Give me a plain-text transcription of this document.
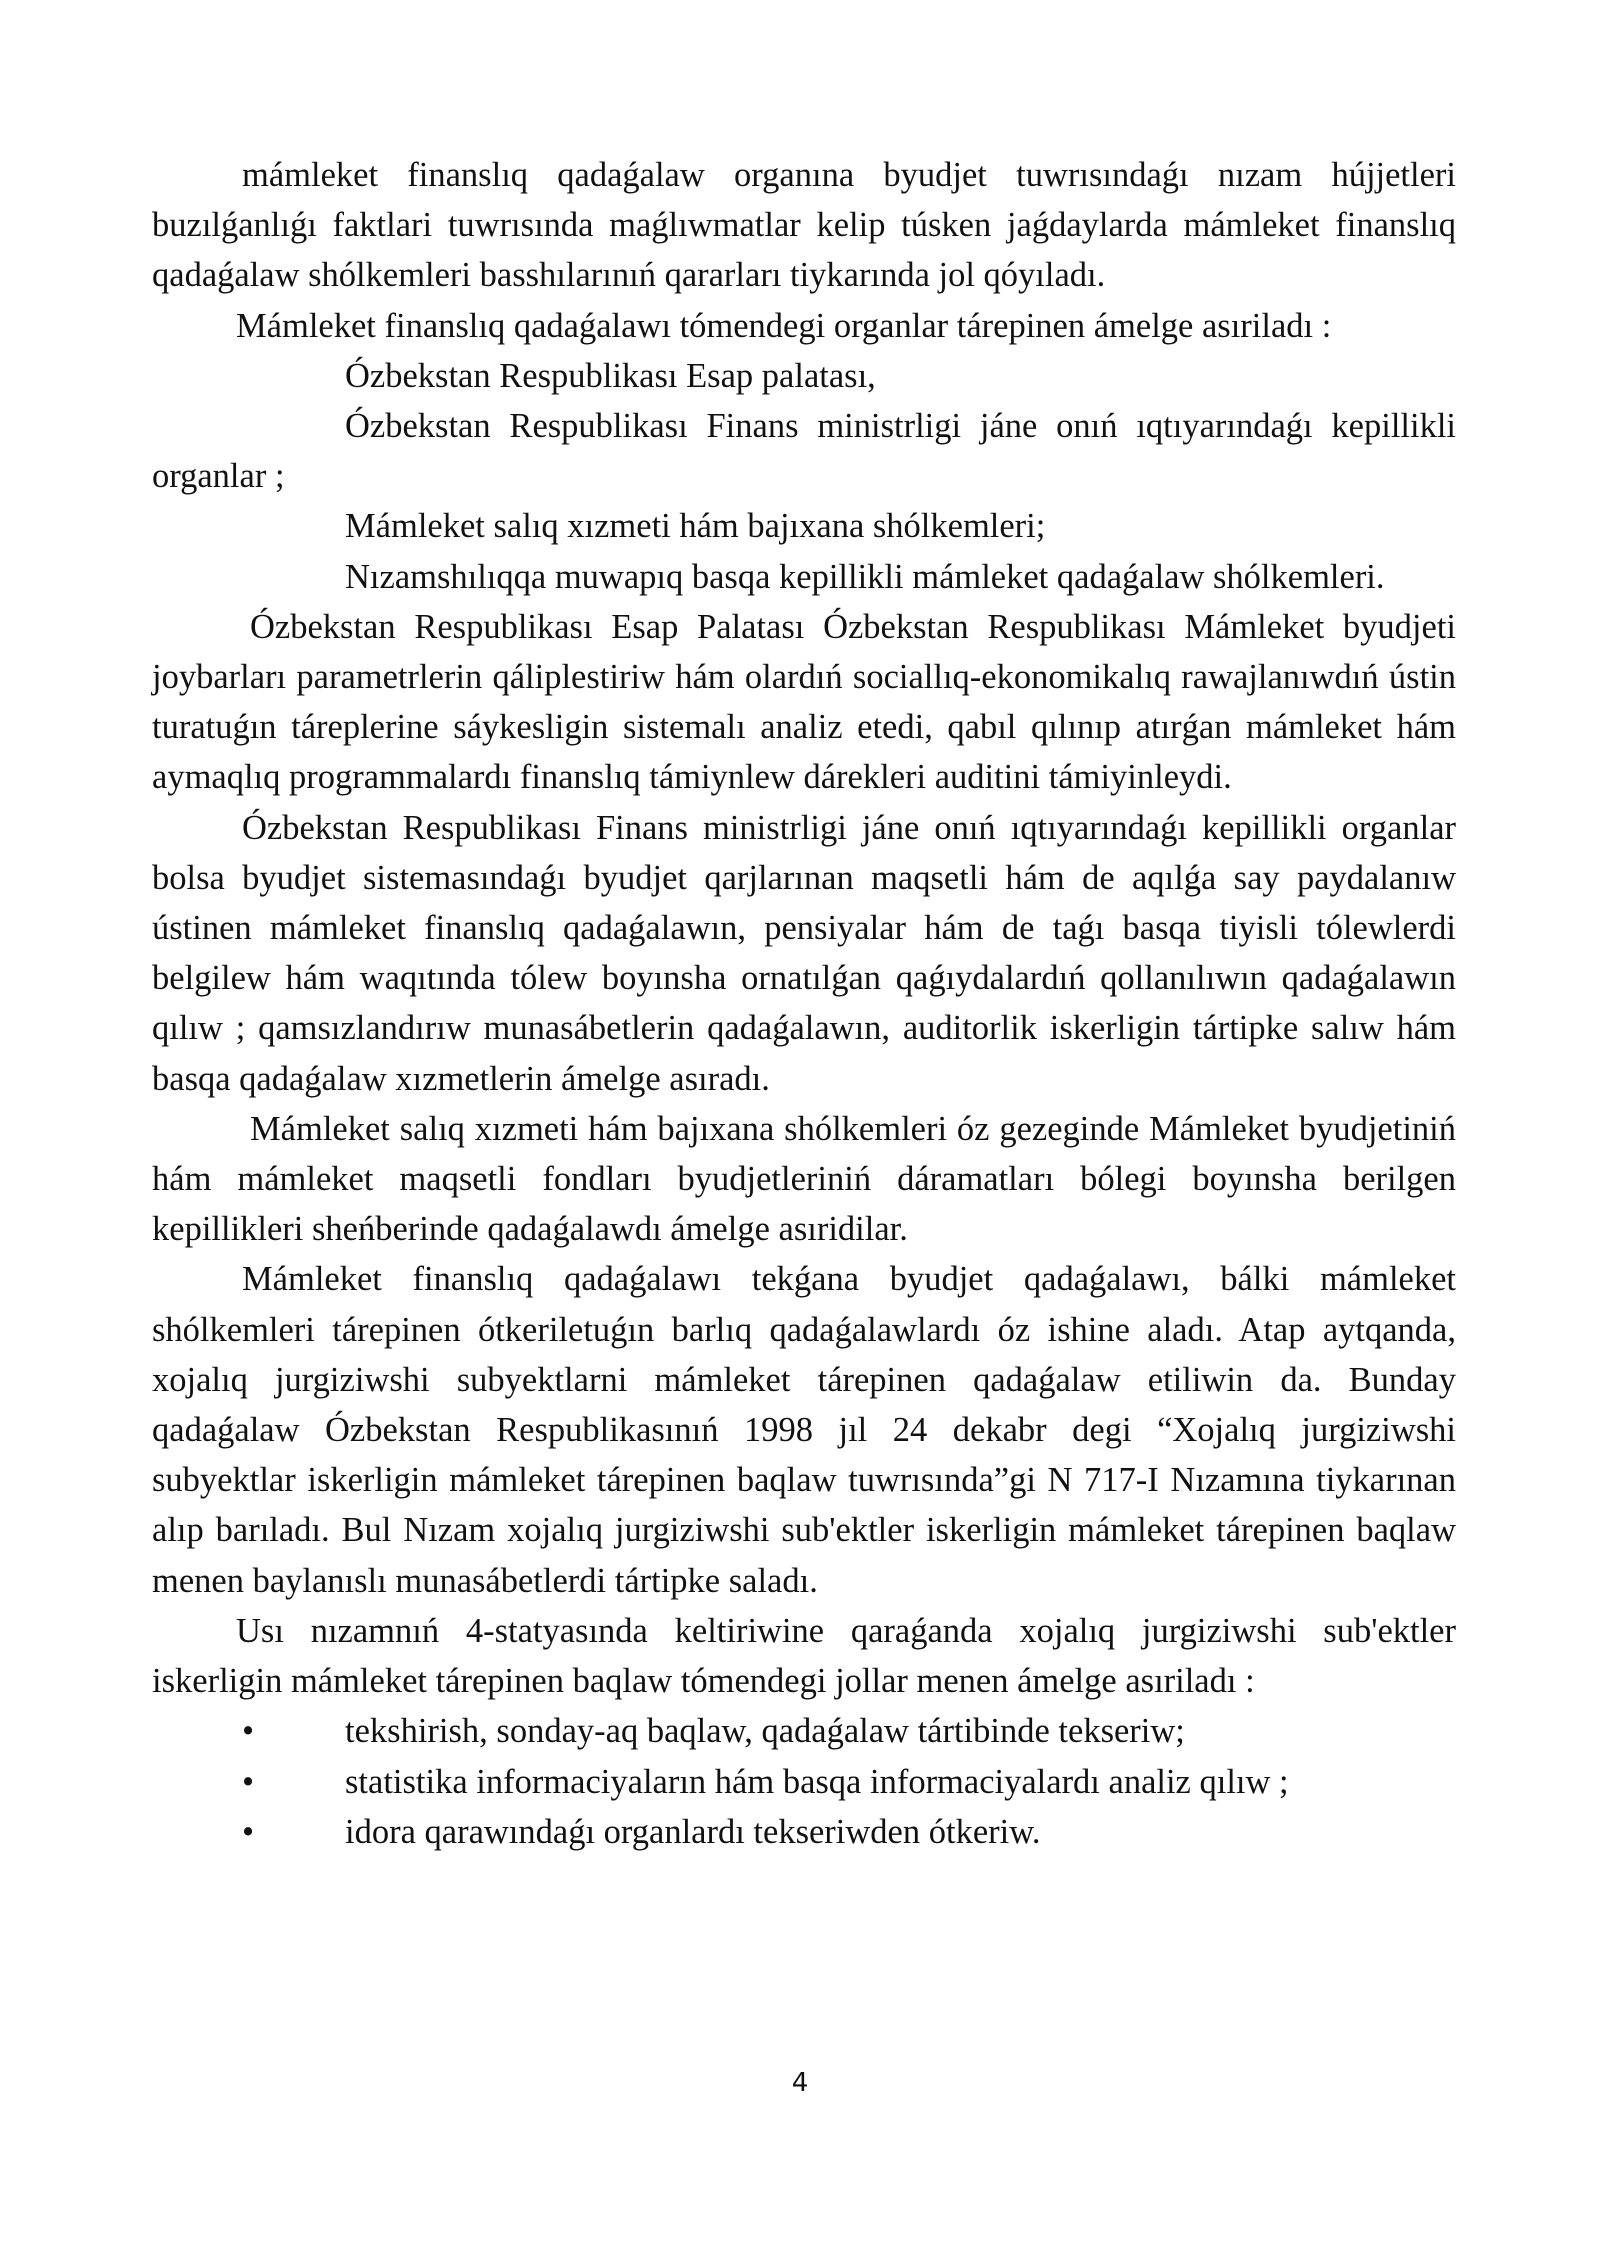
mámleket finanslıq qadaǵalaw organına byudjet tuwrısındaǵı nızam hújjetleri buzılǵanlıǵı faktlari tuwrısında maǵlıwmatlar kelip túsken jaǵdaylarda mámleket finanslıq qadaǵalaw shólkemleri basshılarınıń qararları tiykarında jol qóyıladı.

Mámleket finanslıq qadaǵalawı tómendegi organlar tárepinen ámelge asıriladı :

Ózbekstan Respublikası Esap palatası,

Ózbekstan Respublikası Finans ministrligi jáne onıń ıqtıyarındaǵı kepillikli organlar ;

Mámleket salıq xızmeti hám bajıxana shólkemleri;

Nızamshılıqqa muwapıq basqa kepillikli mámleket qadaǵalaw shólkemleri.

Ózbekstan Respublikası Esap Palatası Ózbekstan Respublikası Mámleket byudjeti joybarları parametrlerin qáliplestiriw hám olardıń sociallıq-ekonomikalıq rawajlanıwdıń ústin turatuǵın táreplerine sáykesligin sistemalı analiz etedi, qabıl qılınıp atırǵan mámleket hám aymaqlıq programmalardı finanslıq támiynlew dárekleri auditini támiyinleydi.

Ózbekstan Respublikası Finans ministrligi jáne onıń ıqtıyarındaǵı kepillikli organlar bolsa byudjet sistemasındaǵı byudjet qarjlarınan maqsetli hám de aqılǵa say paydalanıw ústinen mámleket finanslıq qadaǵalawın, pensiyalar hám de taǵı basqa tiyisli tólewlerdi belgilew hám waqıtında tólew boyınsha ornatılǵan qaǵıydalardıń qollanılıwın qadaǵalawın qılıw ; qamsızlandırıw munasábetlerin qadaǵalawın, auditorlik iskerligin tártipke salıw hám basqa qadaǵalaw xızmetlerin ámelge asıradı.

Mámleket salıq xızmeti hám bajıxana shólkemleri óz gezeginde Mámleket byudjetiniń hám mámleket maqsetli fondları byudjetleriniń dáramatları bólegi boyınsha berilgen kepillikleri sheńberinde qadaǵalawdı ámelge asıridilar.

Mámleket finanslıq qadaǵalawı tekǵana byudjet qadaǵalawı, bálki mámleket shólkemleri tárepinen ótkeriletuǵın barlıq qadaǵalawlardı óz ishine aladı. Atap aytqanda, xojalıq jurgiziwshi subyektlarni mámleket tárepinen qadaǵalaw etiliwin da. Bunday qadaǵalaw Ózbekstan Respublikasınıń 1998 jıl 24 dekabr degi “Xojalıq jurgiziwshi subyektlar iskerligin mámleket tárepinen baqlaw tuwrısında”gi N 717-I Nızamına tiykarınan alıp barıladı. Bul Nızam xojalıq jurgiziwshi sub'ektler iskerligin mámleket tárepinen baqlaw menen baylanıslı munasábetlerdi tártipke saladı.

Usı nızamnıń 4-statyasında keltiriwine qaraǵanda xojalıq jurgiziwshi sub'ektler iskerligin mámleket tárepinen baqlaw tómendegi jollar menen ámelge asıriladı :

•	tekshirish, sonday-aq baqlaw, qadaǵalaw tártibinde tekseriw;
•	statistika informaciyaların hám basqa informaciyalardı analiz qılıw ;
•	idora qarawındaǵı organlardı tekseriwden ótkeriw.
4
